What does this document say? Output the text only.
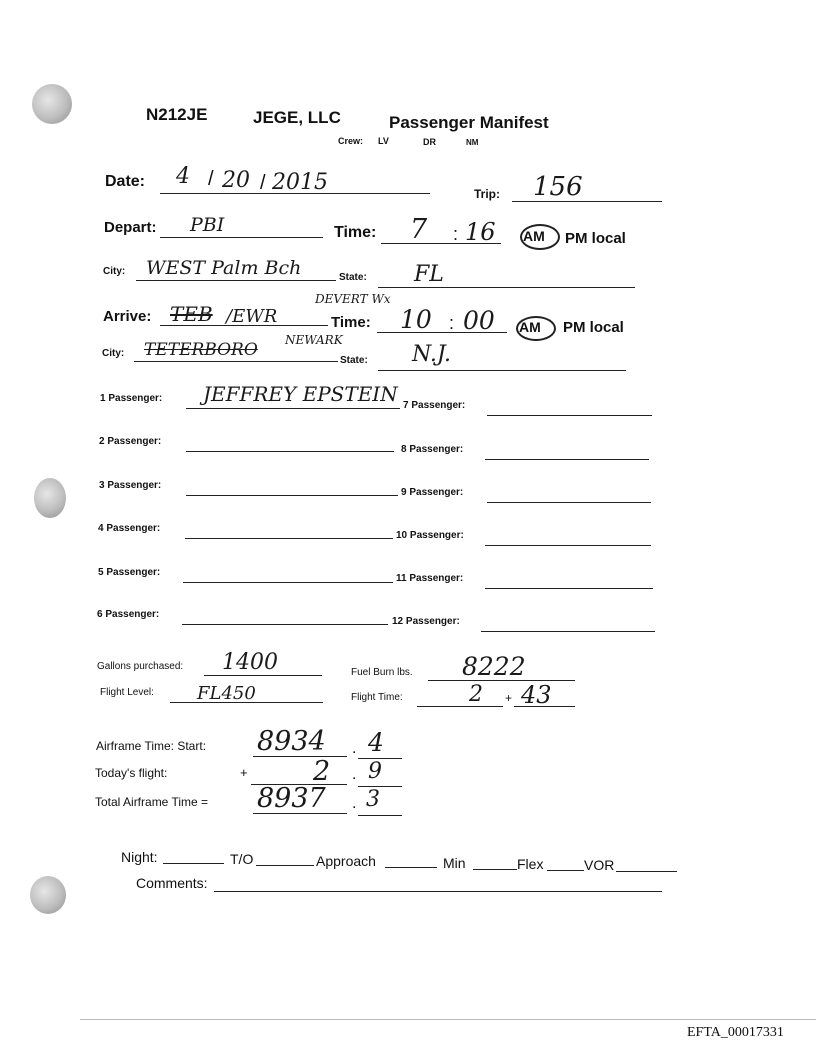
N212JE	JEGE, LLC	Passenger Manifest
Crew: LV	DR	NM
Date: 4 / 20 / 2015	Trip: 156
Depart: PBI	Time: 7 : 16 AM PM local
City: WEST Palm Bch	State: FL
Arrive: TEB /EWR
DEVERT Wx
Time: 10 : 00 AM PM local
City: TETERBORO NEWARK
State: N.J.
1 Passenger: JEFFREY EPSTEIN
2 Passenger:
3 Passenger:
4 Passenger:
5 Passenger:
6 Passenger:
7 Passenger:
8 Passenger:
9 Passenger:
10 Passenger:
11 Passenger:
12 Passenger:
Gallons purchased: 1400	Fuel Burn lbs. 8222
Flight Level: FL450	Flight Time:	2 + 43
Airframe Time: Start: 8934 . 4
Today's flight:	+ 2 . 9
Total Airframe Time = 8937 . 3
Night:	T/O	Approach	Min	Flex	VOR
Comments:
EFTA_00017331
